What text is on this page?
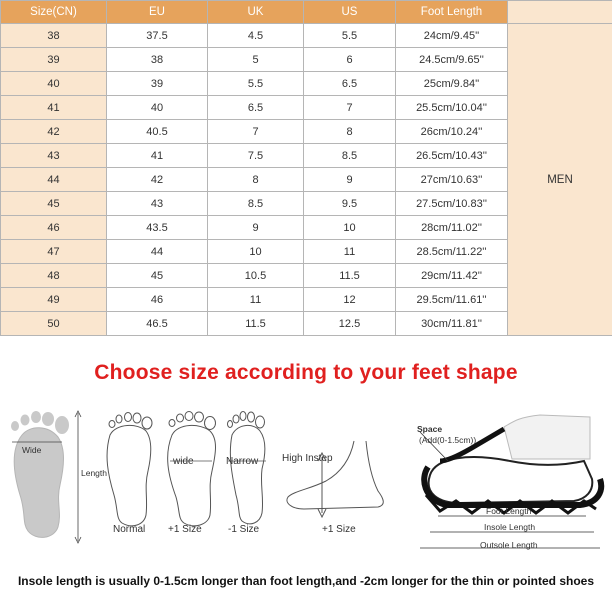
Size(CN)	EU	UK	US	Foot Length	
38	37.5	4.5	5.5	24cm/9.45''	MEN
39	38	5	6	24.5cm/9.65''	
40	39	5.5	6.5	25cm/9.84''	
41	40	6.5	7	25.5cm/10.04''	
42	40.5	7	8	26cm/10.24''	
43	41	7.5	8.5	26.5cm/10.43''	
44	42	8	9	27cm/10.63''	
45	43	8.5	9.5	27.5cm/10.83''	
46	43.5	9	10	28cm/11.02''	
47	44	10	11	28.5cm/11.22''	
48	45	10.5	11.5	29cm/11.42''	
49	46	11	12	29.5cm/11.61''	
50	46.5	11.5	12.5	30cm/11.81''	
Choose size according to your feet shape
Wide
Length
Normal
wide
+1 Size
Narrow
-1 Size
High Instep
+1 Size
Space
(Add(0-1.5cm))
Foot Length
Insole Length
Outsole Length
Insole length is usually 0-1.5cm longer than foot length,and -2cm longer for the thin or pointed shoes
